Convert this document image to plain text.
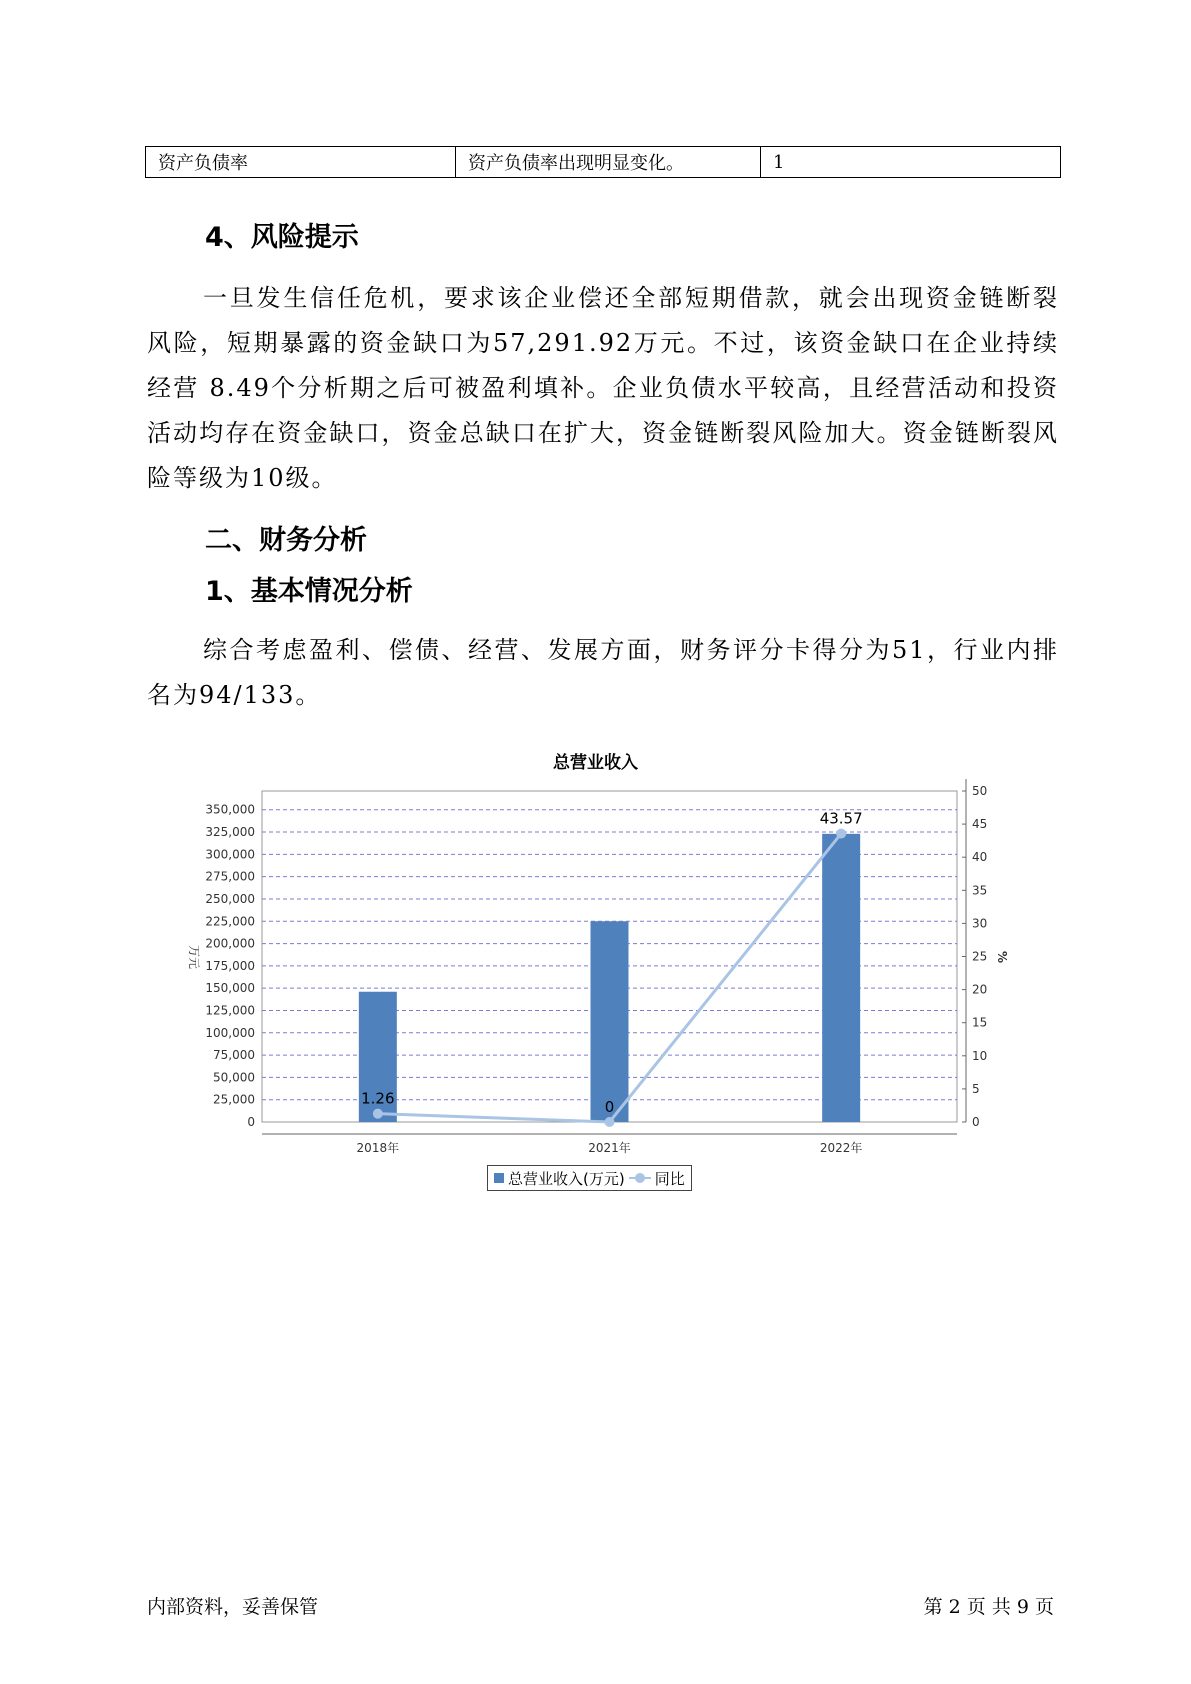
资产负债率	资产负债率出现明显变化。	1
4、风险提示
一旦发生信任危机，要求该企业偿还全部短期借款，就会出现资金链断裂风险，短期暴露的资金缺口为57,291.92万元。不过，该资金缺口在企业持续经营 8.49个分析期之后可被盈利填补。企业负债水平较高，且经营活动和投资活动均存在资金缺口，资金总缺口在扩大，资金链断裂风险加大。资金链断裂风险等级为10级。
二、财务分析
1、基本情况分析
综合考虑盈利、偿债、经营、发展方面，财务评分卡得分为51，行业内排名为94/133。
总营业收入
0
25,000
50,000
75,000
100,000
125,000
150,000
175,000
200,000
225,000
250,000
275,000
300,000
325,000
350,000
0
5
10
15
20
25
30
35
40
45
50
万元	%
2018年	2021年	2022年
1.26	0
43.57
总营业收入(万元) 同比
内部资料，妥善保管	第 2 页 共 9 页
